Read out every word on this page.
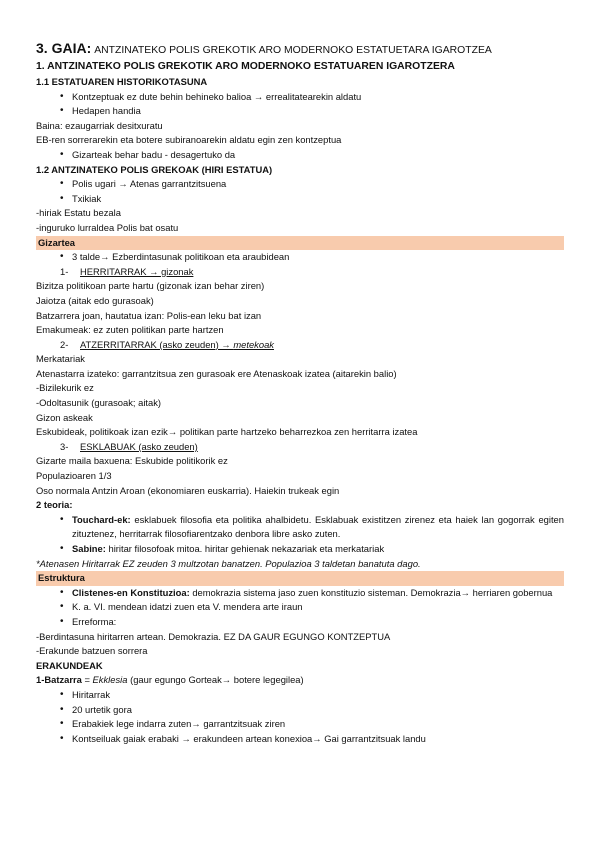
3. GAIA: ANTZINATEKO POLIS GREKOTIK ARO MODERNOKO ESTATUETARA IGAROTZEA
1. ANTZINATEKO POLIS GREKOTIK ARO MODERNOKO ESTATUAREN IGAROTZERA
1.1 ESTATUAREN HISTORIKOTASUNA
• Kontzeptuak ez dute behin behineko balioa → errealitatearekin aldatu
• Hedapen handia
Baina: ezaugarriak desitxuratu
EB-ren sorrerarekin eta botere subiranoarekin aldatu egin zen kontzeptua
• Gizarteak behar badu - desagertuko da
1.2 ANTZINATEKO POLIS GREKOAK (HIRI ESTATUA)
• Polis ugari → Atenas garrantzitsuena
• Txikiak
-hiriak Estatu bezala
-inguruko lurraldea Polis bat osatu
Gizartea
• 3 talde→ Ezberdintasunak politikoan eta araubidean
1- HERRITARRAK → gizonak
Bizitza politikoan parte hartu (gizonak izan behar ziren)
Jaiotza (aitak edo gurasoak)
Batzarrera joan, hautatua izan: Polis-ean leku bat izan
Emakumeak: ez zuten politikan parte hartzen
2- ATZERRITARRAK (asko zeuden) → metekoak
Merkatariak
Atenastarra izateko: garrantzitsua zen gurasoak ere Atenaskoak izatea (aitarekin balio)
-Bizilekurik ez
-Odoltasunik (gurasoak; aitak)
Gizon askeak
Eskubideak, politikoak izan ezik→ politikan parte hartzeko beharrezkoa zen herritarra izatea
3- ESKLABUAK (asko zeuden)
Gizarte maila baxuena: Eskubide politikorik ez
Populazioaren 1/3
Oso normala Antzin Aroan (ekonomiaren euskarria). Haiekin trukeak egin
2 teoria:
• Touchard-ek: esklabuek filosofia eta politika ahalbidetu. Esklabuak existitzen zirenez eta haiek lan gogorrak egiten zituztenez, herritarrak filosofiarentzako denbora libre asko zuten.
• Sabine: hiritar filosofoak mitoa. hiritar gehienak nekazariak eta merkatariak
*Atenasen Hiritarrak EZ zeuden 3 multzotan banatzen. Populazioa 3 taldetan banatuta dago.
Estruktura
• Clistenes-en Konstituzioa: demokrazia sistema jaso zuen konstituzio sisteman. Demokrazia→ herriaren gobernua
• K. a. VI. mendean idatzi zuen eta V. mendera arte iraun
• Erreforma:
-Berdintasuna hiritarren artean. Demokrazia. EZ DA GAUR EGUNGO KONTZEPTUA
-Erakunde batzuen sorrera
ERAKUNDEAK
1-Batzarra = Ekklesia (gaur egungo Gorteak→ botere legegilea)
• Hiritarrak
• 20 urtetik gora
• Erabakiek lege indarra zuten→ garrantzitsuak ziren
• Kontseiluak gaiak erabaki → erakundeen artean konexioa→ Gai garrantzitsuak landu
